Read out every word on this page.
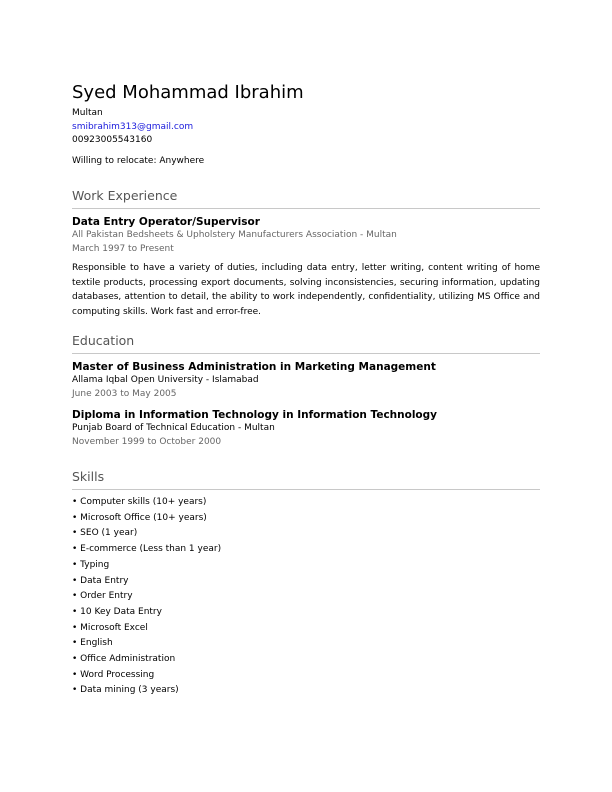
Syed Mohammad Ibrahim
Multan
smibrahim313@gmail.com
00923005543160
Willing to relocate: Anywhere
Work Experience
Data Entry Operator/Supervisor
All Pakistan Bedsheets & Upholstery Manufacturers Association - Multan
March 1997 to Present
Responsible to have a variety of duties, including data entry, letter writing, content writing of home textile products, processing export documents, solving inconsistencies, securing information, updating databases, attention to detail, the ability to work independently, confidentiality, utilizing MS Office and computing skills. Work fast and error-free.
Education
Master of Business Administration in Marketing Management
Allama Iqbal Open University - Islamabad
June 2003 to May 2005
Diploma in Information Technology in Information Technology
Punjab Board of Technical Education - Multan
November 1999 to October 2000
Skills
• Computer skills (10+ years)
• Microsoft Office (10+ years)
• SEO (1 year)
• E-commerce (Less than 1 year)
• Typing
• Data Entry
• Order Entry
• 10 Key Data Entry
• Microsoft Excel
• English
• Office Administration
• Word Processing
• Data mining (3 years)
